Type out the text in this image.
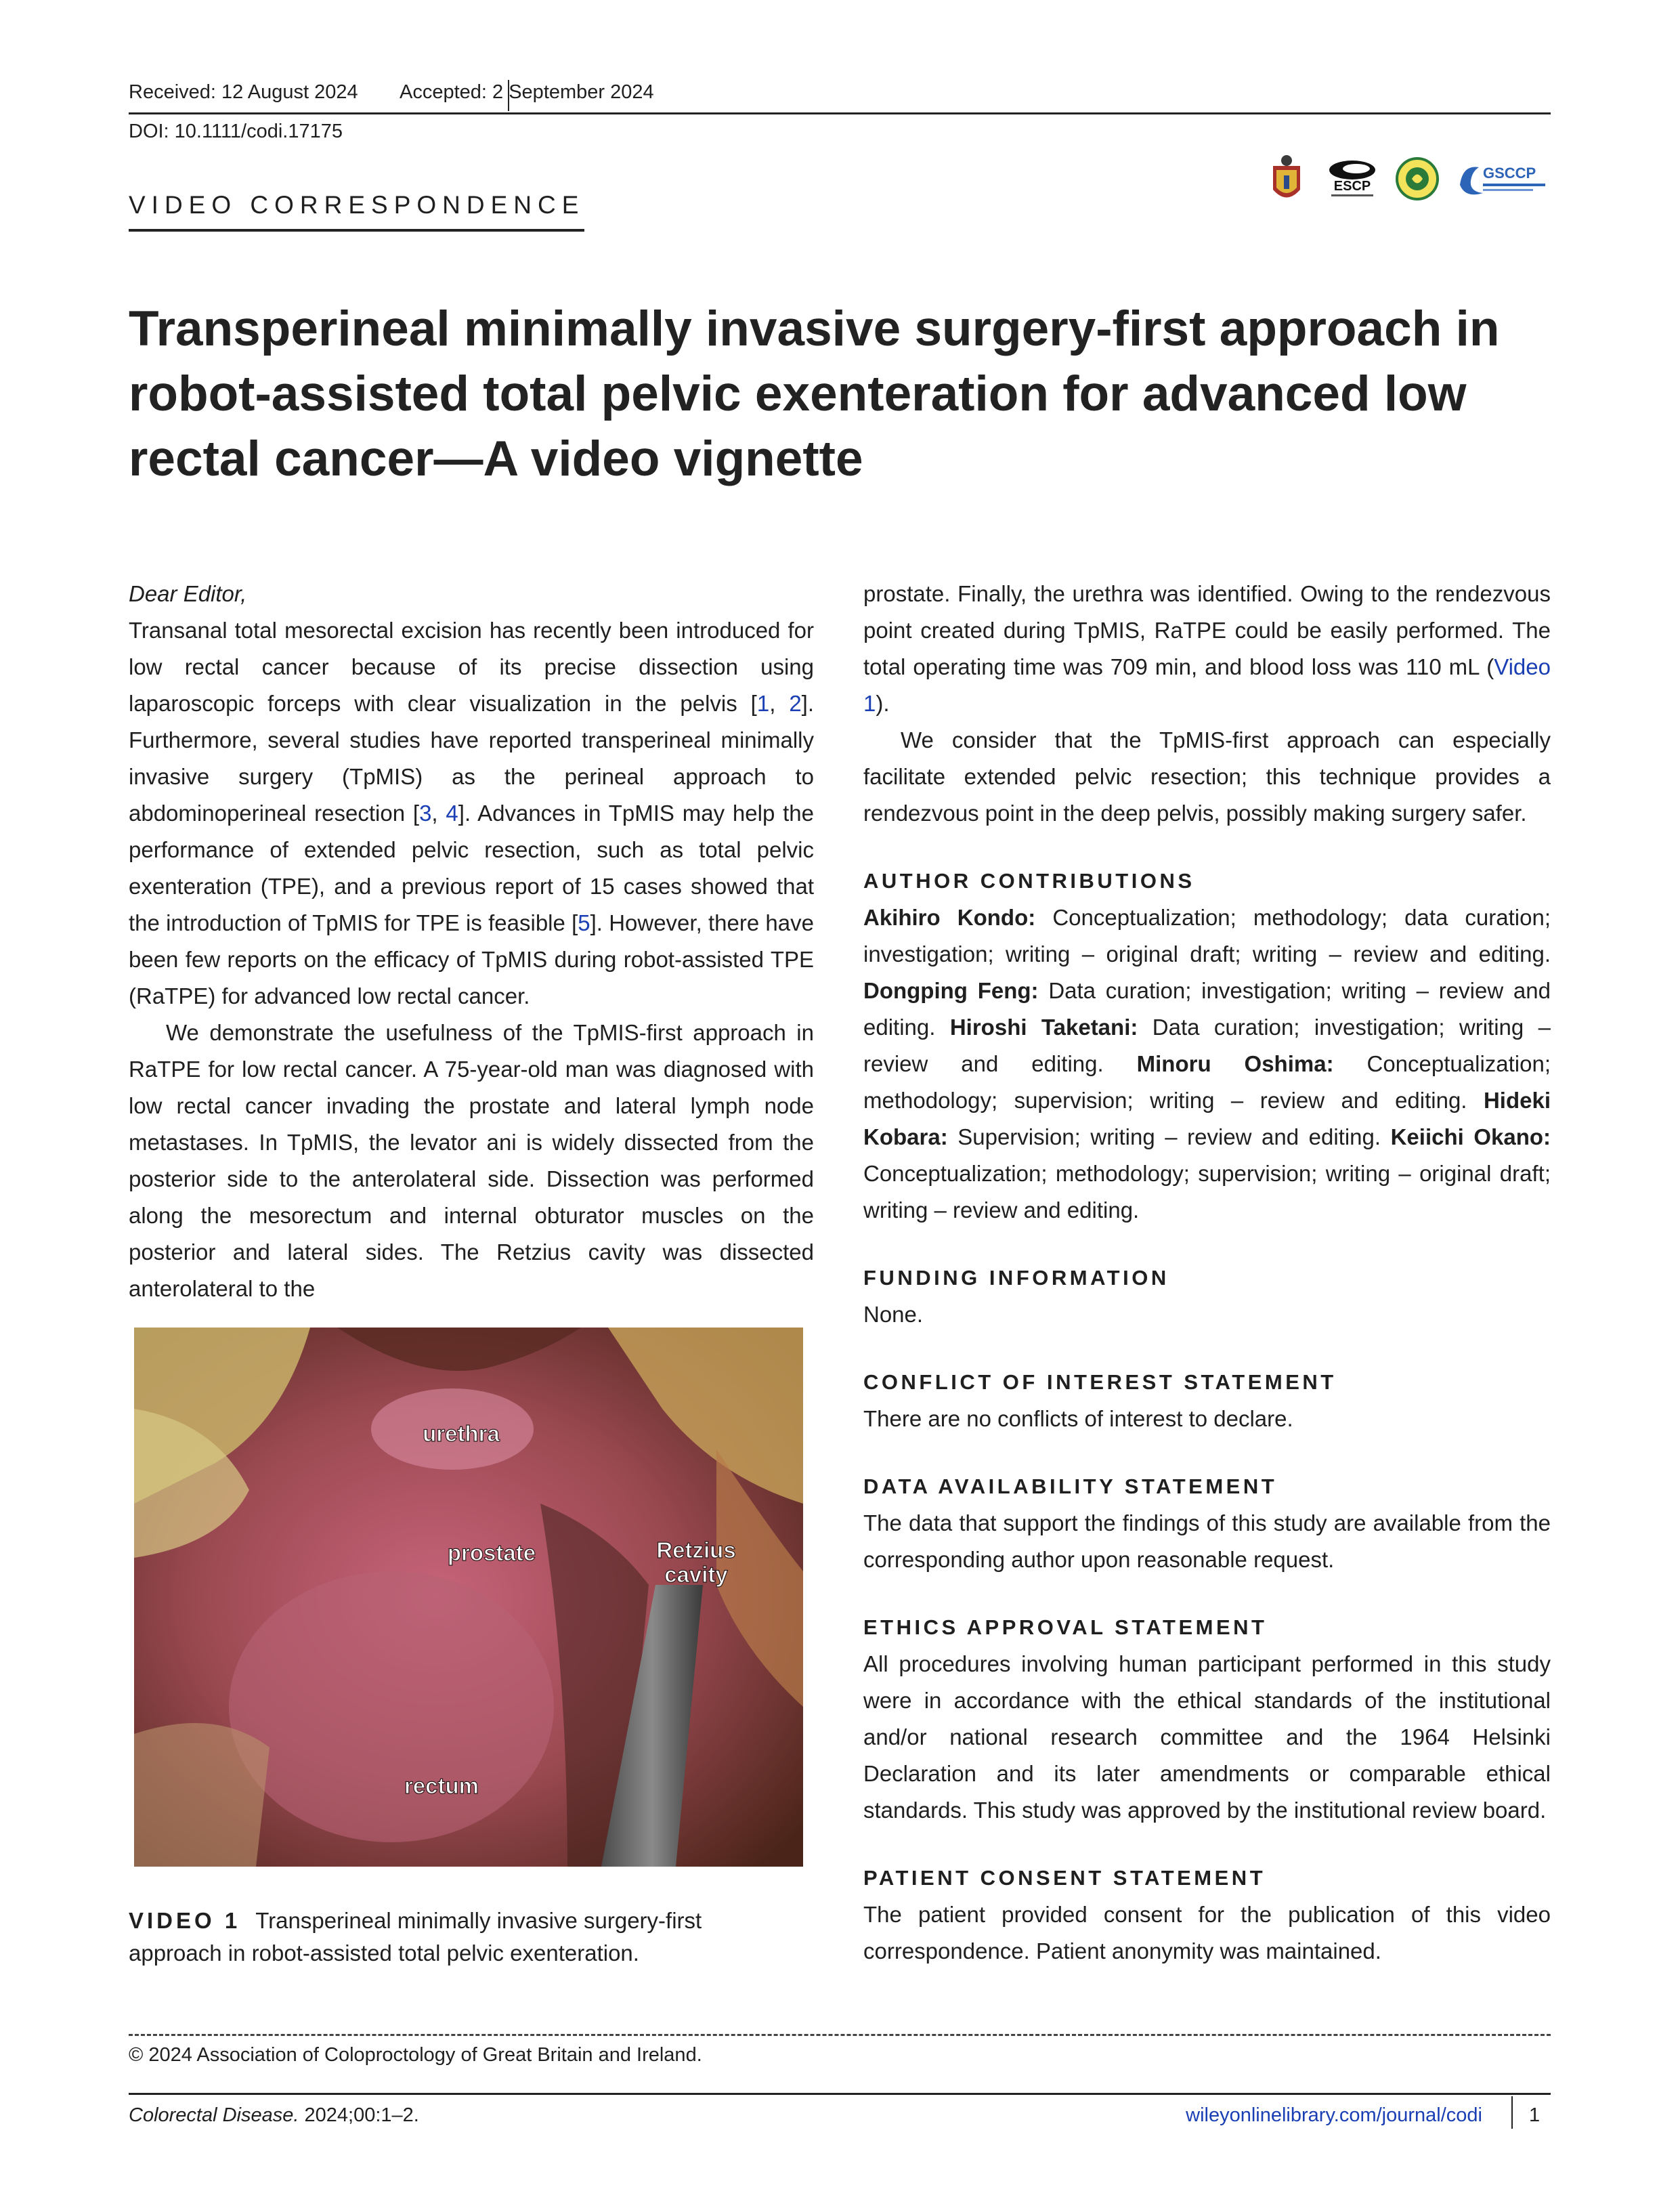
Received: 12 August 2024 Accepted: 2 September 2024
DOI: 10.1111/codi.17175
VIDEO CORRESPONDENCE
ESCP
GSCCP
Transperineal minimally invasive surgery-first approach in robot-assisted total pelvic exenteration for advanced low rectal cancer—A video vignette

Dear Editor,

Transanal total mesorectal excision has recently been introduced for low rectal cancer because of its precise dissection using laparoscopic forceps with clear visualization in the pelvis [1, 2]. Furthermore, several studies have reported transperineal minimally invasive surgery (TpMIS) as the perineal approach to abdominoperineal resection [3, 4]. Advances in TpMIS may help the performance of extended pelvic resection, such as total pelvic exenteration (TPE), and a previous report of 15 cases showed that the introduction of TpMIS for TPE is feasible [5]. However, there have been few reports on the efficacy of TpMIS during robot-assisted TPE (RaTPE) for advanced low rectal cancer.

We demonstrate the usefulness of the TpMIS-first approach in RaTPE for low rectal cancer. A 75-year-old man was diagnosed with low rectal cancer invading the prostate and lateral lymph node metastases. In TpMIS, the levator ani is widely dissected from the posterior side to the anterolateral side. Dissection was performed along the mesorectum and internal obturator muscles on the posterior and lateral sides. The Retzius cavity was dissected anterolateral to the

urethra
prostate	Retzius
cavity
rectum
VIDEO 1 Transperineal minimally invasive surgery-first approach in robot-assisted total pelvic exenteration.

prostate. Finally, the urethra was identified. Owing to the rendezvous point created during TpMIS, RaTPE could be easily performed. The total operating time was 709 min, and blood loss was 110 mL (Video 1).

We consider that the TpMIS-first approach can especially facilitate extended pelvic resection; this technique provides a rendezvous point in the deep pelvis, possibly making surgery safer.

AUTHOR CONTRIBUTIONS

Akihiro Kondo: Conceptualization; methodology; data curation; investigation; writing – original draft; writing – review and editing. Dongping Feng: Data curation; investigation; writing – review and editing. Hiroshi Taketani: Data curation; investigation; writing – review and editing. Minoru Oshima: Conceptualization; methodology; supervision; writing – review and editing. Hideki Kobara: Supervision; writing – review and editing. Keiichi Okano: Conceptualization; methodology; supervision; writing – original draft; writing – review and editing.

FUNDING INFORMATION

None.

CONFLICT OF INTEREST STATEMENT

There are no conflicts of interest to declare.

DATA AVAILABILITY STATEMENT

The data that support the findings of this study are available from the corresponding author upon reasonable request.

ETHICS APPROVAL STATEMENT

All procedures involving human participant performed in this study were in accordance with the ethical standards of the institutional and/or national research committee and the 1964 Helsinki Declaration and its later amendments or comparable ethical standards. This study was approved by the institutional review board.

PATIENT CONSENT STATEMENT

The patient provided consent for the publication of this video correspondence. Patient anonymity was maintained.

© 2024 Association of Coloproctology of Great Britain and Ireland.
Colorectal Disease. 2024;00:1–2.	wileyonlinelibrary.com/journal/codi 1
